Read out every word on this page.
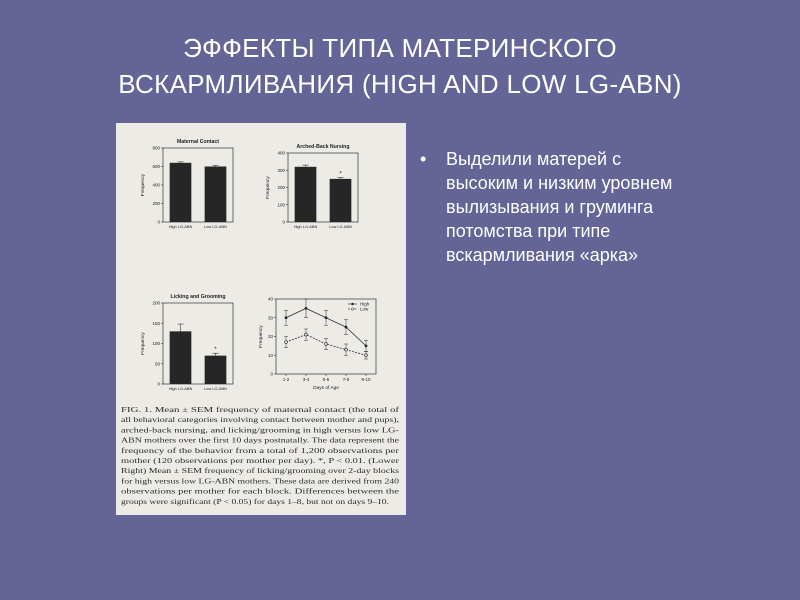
ЭФФЕКТЫ ТИПА МАТЕРИНСКОГО
ВСКАРМЛИВАНИЯ (HIGH AND LOW LG-ABN)
Maternal Contact
0
200
400
600
800
Frequency
High LG-ABN	Low LG-ABN
Arched-Back Nursing
0
100
200
300
400
Frequency
High LG-ABN
*
Low LG-ABN
Licking and Grooming
0
50
100
150
200
Frequency
High LG-ABN
*
Low LG-ABN
0
10
20
30
40
Frequency
1-2	3-4	5-6	7-8	9-10
Days of Age
High
Low
FIG. 1. Mean ± SEM frequency of maternal contact (the total of
all behavioral categories involving contact between mother and pups),
arched-back nursing, and licking/grooming in high versus low LG-
ABN mothers over the first 10 days postnatally. The data represent the
frequency of the behavior from a total of 1,200 observations per
mother (120 observations per mother per day). *, P < 0.01. (Lower
Right) Mean ± SEM frequency of licking/grooming over 2-day blocks
for high versus low LG-ABN mothers. These data are derived from 240
observations per mother for each block. Differences between the
groups were significant (P < 0.05) for days 1–8, but not on days 9–10.
•	Выделили матерей с
высоким и низким уровнем
вылизывания и груминга
потомства при типе
вскармливания «арка»
